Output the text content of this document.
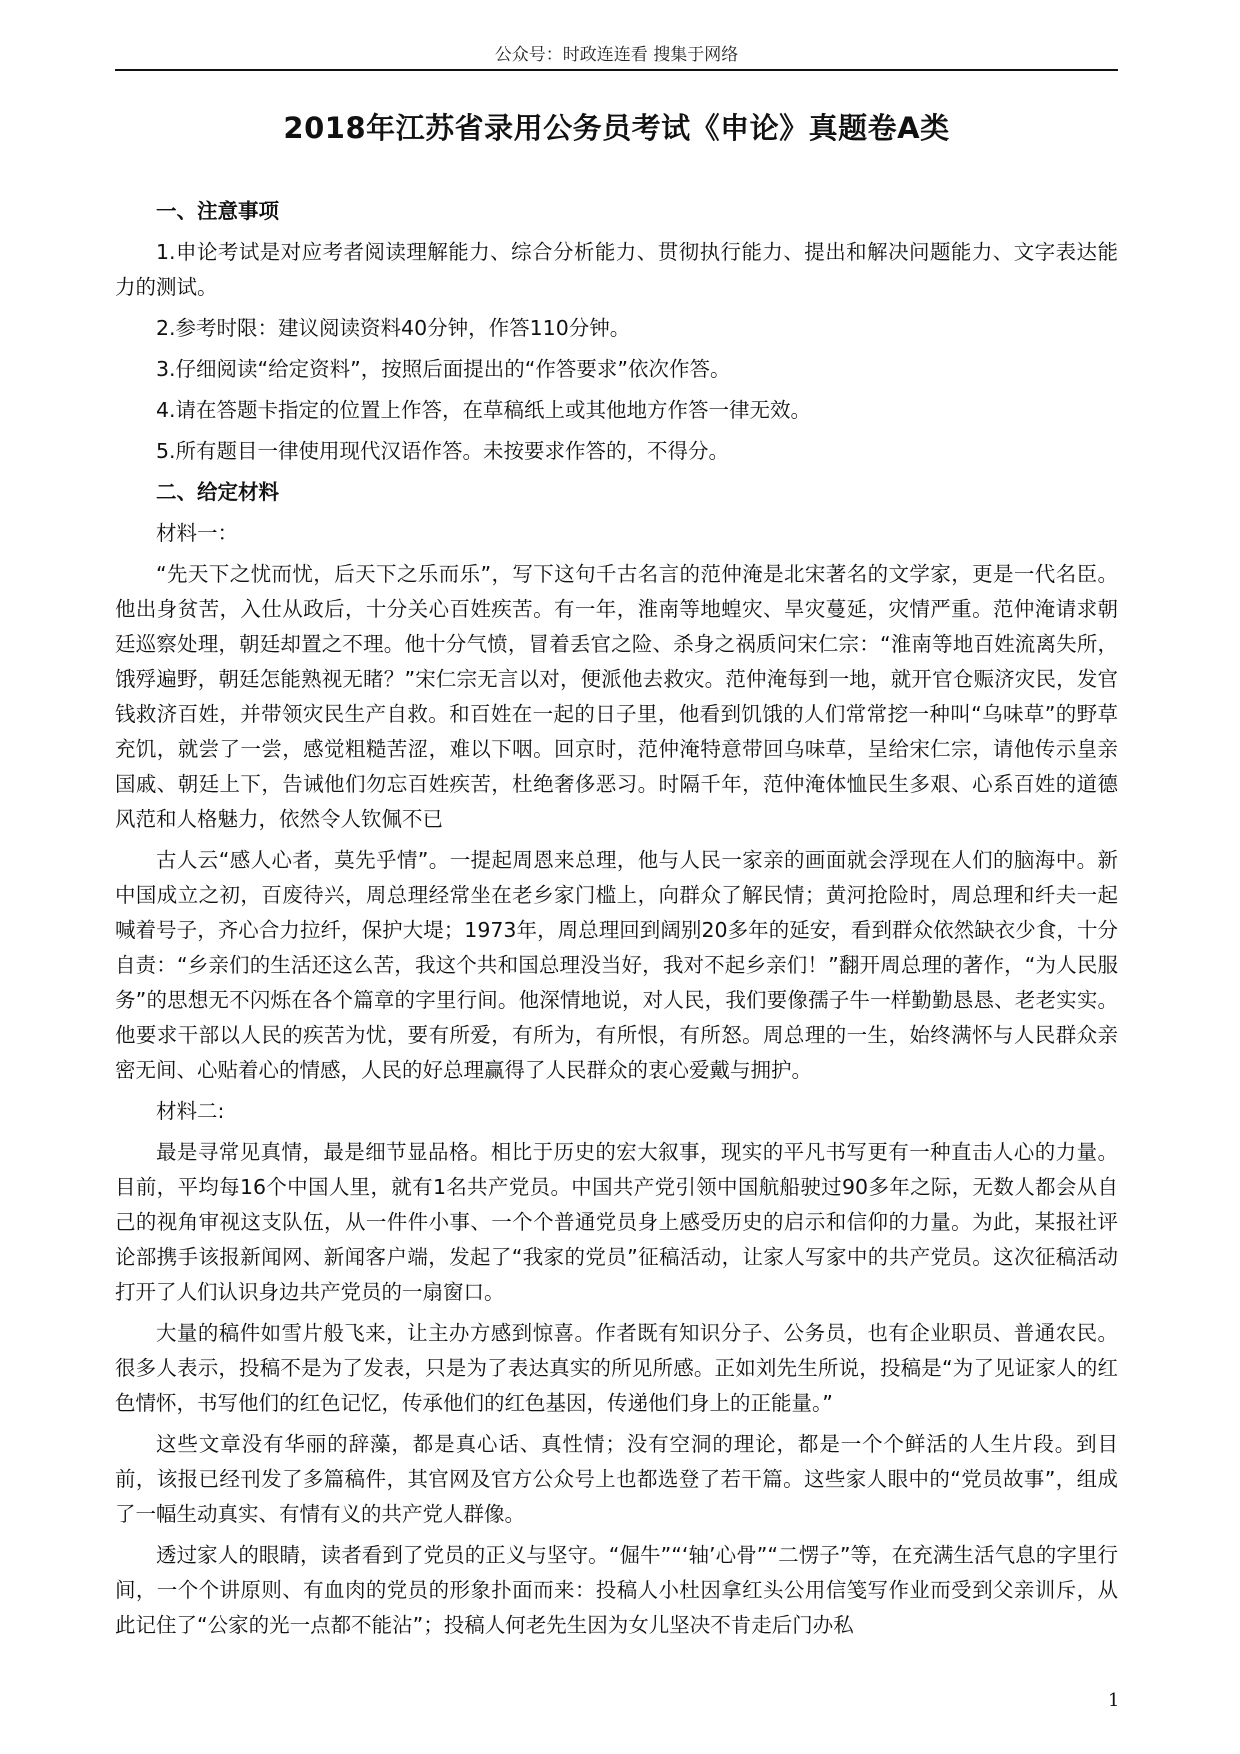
公众号：时政连连看 搜集于网络
2018年江苏省录用公务员考试《申论》真题卷A类

一、注意事项

1.申论考试是对应考者阅读理解能力、综合分析能力、贯彻执行能力、提出和解决问题能力、文字表达能力的测试。

2.参考时限：建议阅读资料40分钟，作答110分钟。

3.仔细阅读“给定资料”，按照后面提出的“作答要求”依次作答。

4.请在答题卡指定的位置上作答，在草稿纸上或其他地方作答一律无效。

5.所有题目一律使用现代汉语作答。未按要求作答的，不得分。

二、给定材料

材料一：

“先天下之忧而忧，后天下之乐而乐”，写下这句千古名言的范仲淹是北宋著名的文学家，更是一代名臣。他出身贫苦，入仕从政后，十分关心百姓疾苦。有一年，淮南等地蝗灾、旱灾蔓延，灾情严重。范仲淹请求朝廷巡察处理，朝廷却置之不理。他十分气愤，冒着丢官之险、杀身之祸质问宋仁宗：“淮南等地百姓流离失所，饿殍遍野，朝廷怎能熟视无睹？”宋仁宗无言以对，便派他去救灾。范仲淹每到一地，就开官仓赈济灾民，发官钱救济百姓，并带领灾民生产自救。和百姓在一起的日子里，他看到饥饿的人们常常挖一种叫“乌味草”的野草充饥，就尝了一尝，感觉粗糙苦涩，难以下咽。回京时，范仲淹特意带回乌味草，呈给宋仁宗，请他传示皇亲国戚、朝廷上下，告诫他们勿忘百姓疾苦，杜绝奢侈恶习。时隔千年，范仲淹体恤民生多艰、心系百姓的道德风范和人格魅力，依然令人钦佩不已

古人云“感人心者，莫先乎情”。一提起周恩来总理，他与人民一家亲的画面就会浮现在人们的脑海中。新中国成立之初，百废待兴，周总理经常坐在老乡家门槛上，向群众了解民情；黄河抢险时，周总理和纤夫一起喊着号子，齐心合力拉纤，保护大堤；1973年，周总理回到阔别20多年的延安，看到群众依然缺衣少食，十分自责：“乡亲们的生活还这么苦，我这个共和国总理没当好，我对不起乡亲们！”翻开周总理的著作，“为人民服务”的思想无不闪烁在各个篇章的字里行间。他深情地说，对人民，我们要像孺子牛一样勤勤恳恳、老老实实。他要求干部以人民的疾苦为忧，要有所爱，有所为，有所恨，有所怒。周总理的一生，始终满怀与人民群众亲密无间、心贴着心的情感，人民的好总理赢得了人民群众的衷心爱戴与拥护。

材料二:

最是寻常见真情，最是细节显品格。相比于历史的宏大叙事，现实的平凡书写更有一种直击人心的力量。目前，平均每16个中国人里，就有1名共产党员。中国共产党引领中国航船驶过90多年之际，无数人都会从自己的视角审视这支队伍，从一件件小事、一个个普通党员身上感受历史的启示和信仰的力量。为此，某报社评论部携手该报新闻网、新闻客户端，发起了“我家的党员”征稿活动，让家人写家中的共产党员。这次征稿活动打开了人们认识身边共产党员的一扇窗口。

大量的稿件如雪片般飞来，让主办方感到惊喜。作者既有知识分子、公务员，也有企业职员、普通农民。很多人表示，投稿不是为了发表，只是为了表达真实的所见所感。正如刘先生所说，投稿是“为了见证家人的红色情怀，书写他们的红色记忆，传承他们的红色基因，传递他们身上的正能量。”

这些文章没有华丽的辞藻，都是真心话、真性情；没有空洞的理论，都是一个个鲜活的人生片段。到目前，该报已经刊发了多篇稿件，其官网及官方公众号上也都选登了若干篇。这些家人眼中的“党员故事”，组成了一幅生动真实、有情有义的共产党人群像。

透过家人的眼睛，读者看到了党员的正义与坚守。“倔牛”“‘轴’心骨”“二愣子”等，在充满生活气息的字里行间，一个个讲原则、有血肉的党员的形象扑面而来：投稿人小杜因拿红头公用信笺写作业而受到父亲训斥，从此记住了“公家的光一点都不能沾”；投稿人何老先生因为女儿坚决不肯走后门办私

1
